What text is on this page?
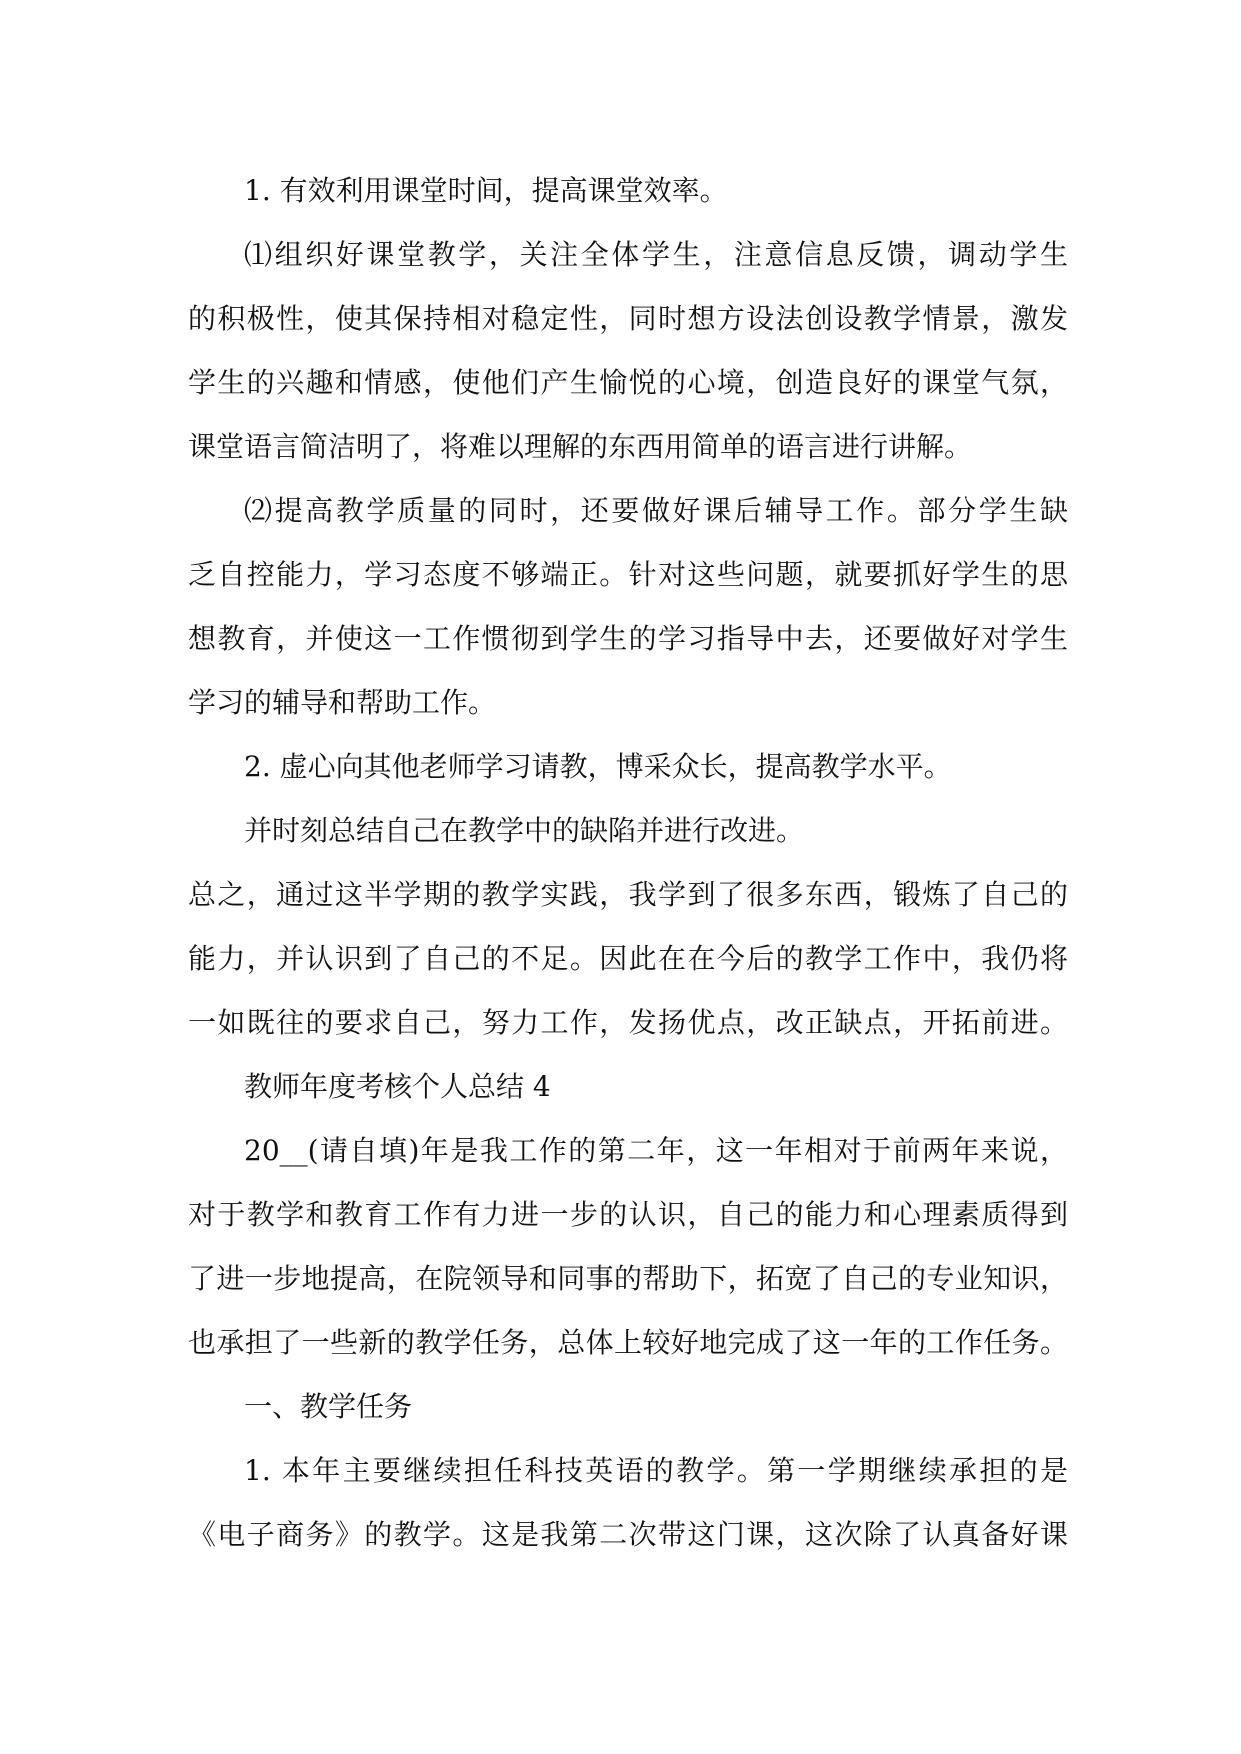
1. 有效利用课堂时间，提高课堂效率。
⑴组织好课堂教学，关注全体学生，注意信息反馈，调动学生
的积极性，使其保持相对稳定性，同时想方设法创设教学情景，激发
学生的兴趣和情感，使他们产生愉悦的心境，创造良好的课堂气氛，
课堂语言简洁明了，将难以理解的东西用简单的语言进行讲解。
⑵提高教学质量的同时，还要做好课后辅导工作。部分学生缺
乏自控能力，学习态度不够端正。针对这些问题，就要抓好学生的思
想教育，并使这一工作惯彻到学生的学习指导中去，还要做好对学生
学习的辅导和帮助工作。
2. 虚心向其他老师学习请教，博采众长，提高教学水平。
并时刻总结自己在教学中的缺陷并进行改进。
总之，通过这半学期的教学实践，我学到了很多东西，锻炼了自己的
能力，并认识到了自己的不足。因此在在今后的教学工作中，我仍将
一如既往的要求自己，努力工作，发扬优点，改正缺点，开拓前进。
教师年度考核个人总结 4
20__(请自填)年是我工作的第二年，这一年相对于前两年来说，
对于教学和教育工作有力进一步的认识，自己的能力和心理素质得到
了进一步地提高，在院领导和同事的帮助下，拓宽了自己的专业知识，
也承担了一些新的教学任务，总体上较好地完成了这一年的工作任务。
一、教学任务
1. 本年主要继续担任科技英语的教学。第一学期继续承担的是
《电子商务》的教学。这是我第二次带这门课，这次除了认真备好课
